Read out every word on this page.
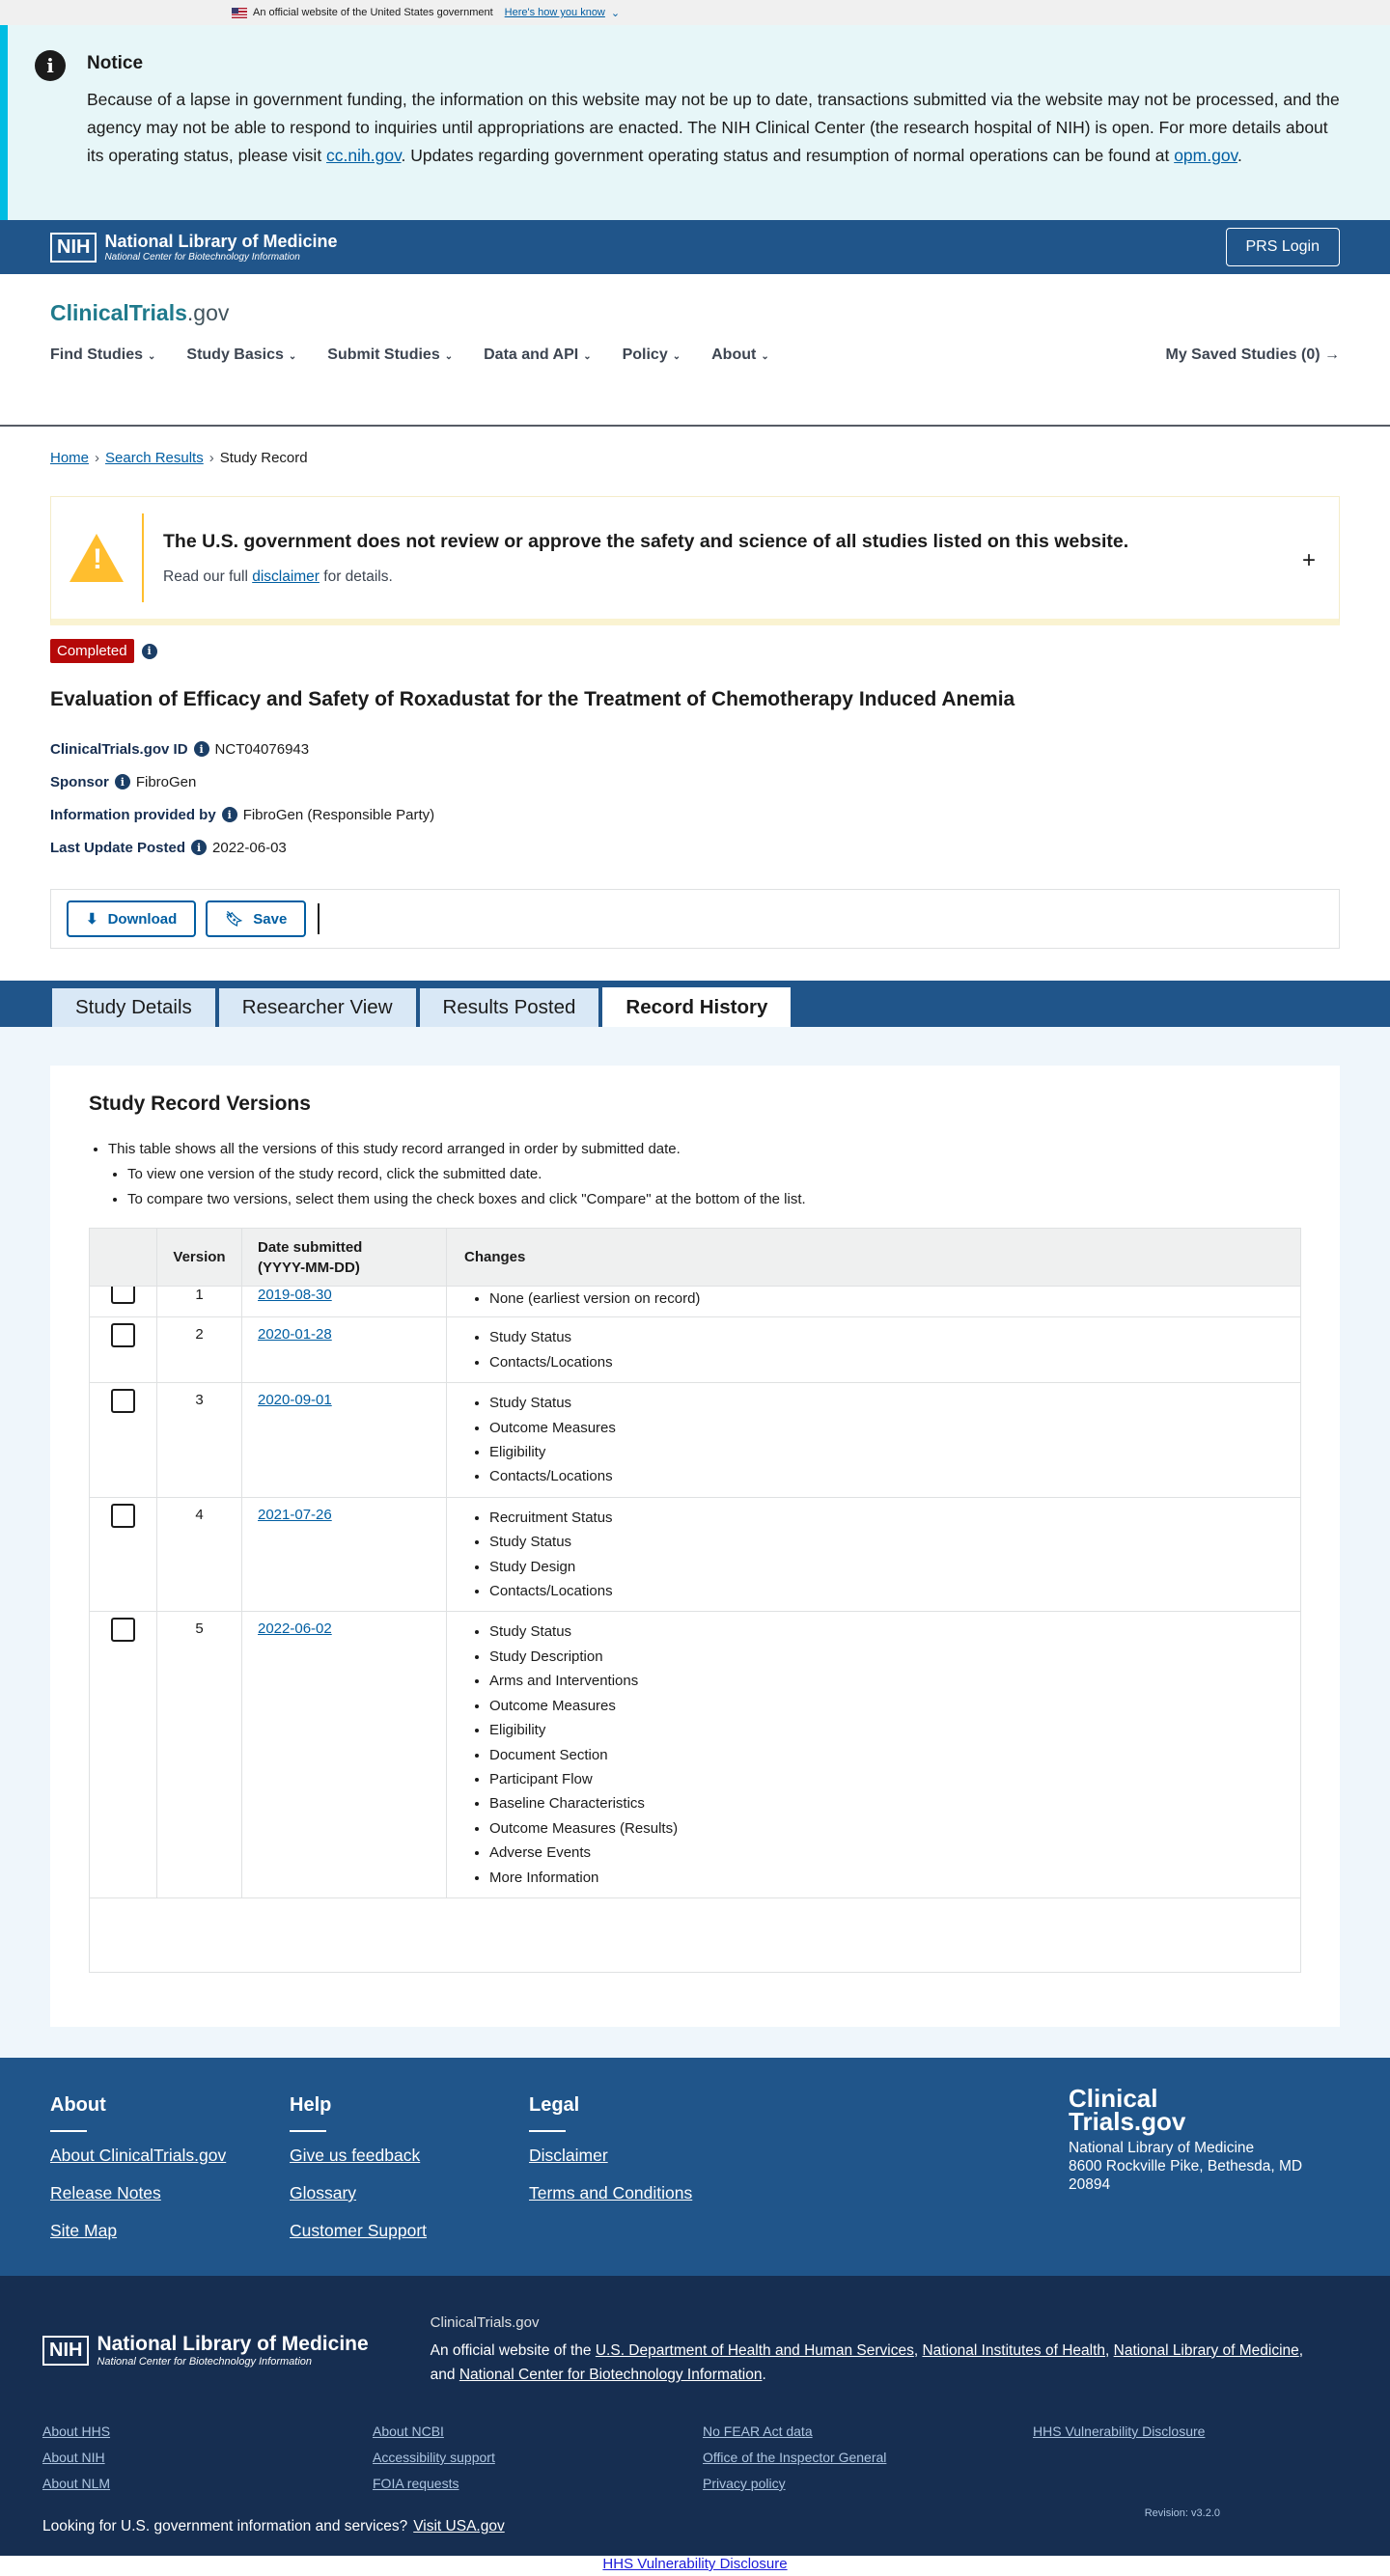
An official website of the United States government Here's how you know ⌄
i	Notice

Because of a lapse in government funding, the information on this website may not be up to date, transactions submitted via the website may not be processed, and the agency may not be able to respond to inquiries until appropriations are enacted. The NIH Clinical Center (the research hospital of NIH) is open. For more details about its operating status, please visit cc.nih.gov. Updates regarding government operating status and resumption of normal operations can be found at opm.gov.

NIH National Library of Medicine
National Center for Biotechnology Information
PRS Login
ClinicalTrials.gov
Find Studies ⌄ Study Basics ⌄ Submit Studies ⌄ Data and API ⌄ Policy ⌄ About ⌄	My Saved Studies (0) →
Home › Search Results › Study Record
!
The U.S. government does not review or approve the safety and science of all studies listed on this website.
Read our full disclaimer for details.
+
Completed	i
Evaluation of Efficacy and Safety of Roxadustat for the Treatment of Chemotherapy Induced Anemia
ClinicalTrials.gov ID	i NCT04076943
Sponsor	i FibroGen
Information provided by	i FibroGen (Responsible Party)
Last Update Posted	i 2022-06-03
⬇ Download	🔖︎ Save
Study Details	Researcher View	Results Posted	Record History
Study Record Versions
• This table shows all the versions of this study record arranged in order by submitted date.
• To view one version of the study record, click the submitted date.
• To compare two versions, select them using the check boxes and click "Compare" at the bottom of the list.
Version
Date submitted
(YYYY-MM-DD)
Changes
1	2019-08-30	• None (earliest version on record)
2	2020-01-28	• Study Status
• Contacts/Locations
3	2020-09-01	• Study Status
• Outcome Measures
• Eligibility
• Contacts/Locations
4	2021-07-26	• Recruitment Status
• Study Status
• Study Design
• Contacts/Locations
5	2022-06-02	• Study Status
• Study Description
• Arms and Interventions
• Outcome Measures
• Eligibility
• Document Section
• Participant Flow
• Baseline Characteristics
• Outcome Measures (Results)
• Adverse Events
• More Information
About
About ClinicalTrials.gov
Release Notes
Site Map
Help
Give us feedback
Glossary
Customer Support
Legal
Disclaimer
Terms and Conditions
Clinical
Trials.gov
National Library of Medicine
8600 Rockville Pike, Bethesda, MD
20894
NIH National Library of Medicine
National Center for Biotechnology Information
ClinicalTrials.gov
An official website of the U.S. Department of Health and Human Services, National Institutes of Health, National Library of Medicine,
and National Center for Biotechnology Information.
About HHS	About NCBI	No FEAR Act data	HHS Vulnerability Disclosure
About NIH	Accessibility support	Office of the Inspector General
About NLM	FOIA requests	Privacy policy
Looking for U.S. government information and services? Visit USA.gov
Revision: v3.2.0
HHS Vulnerability Disclosure
